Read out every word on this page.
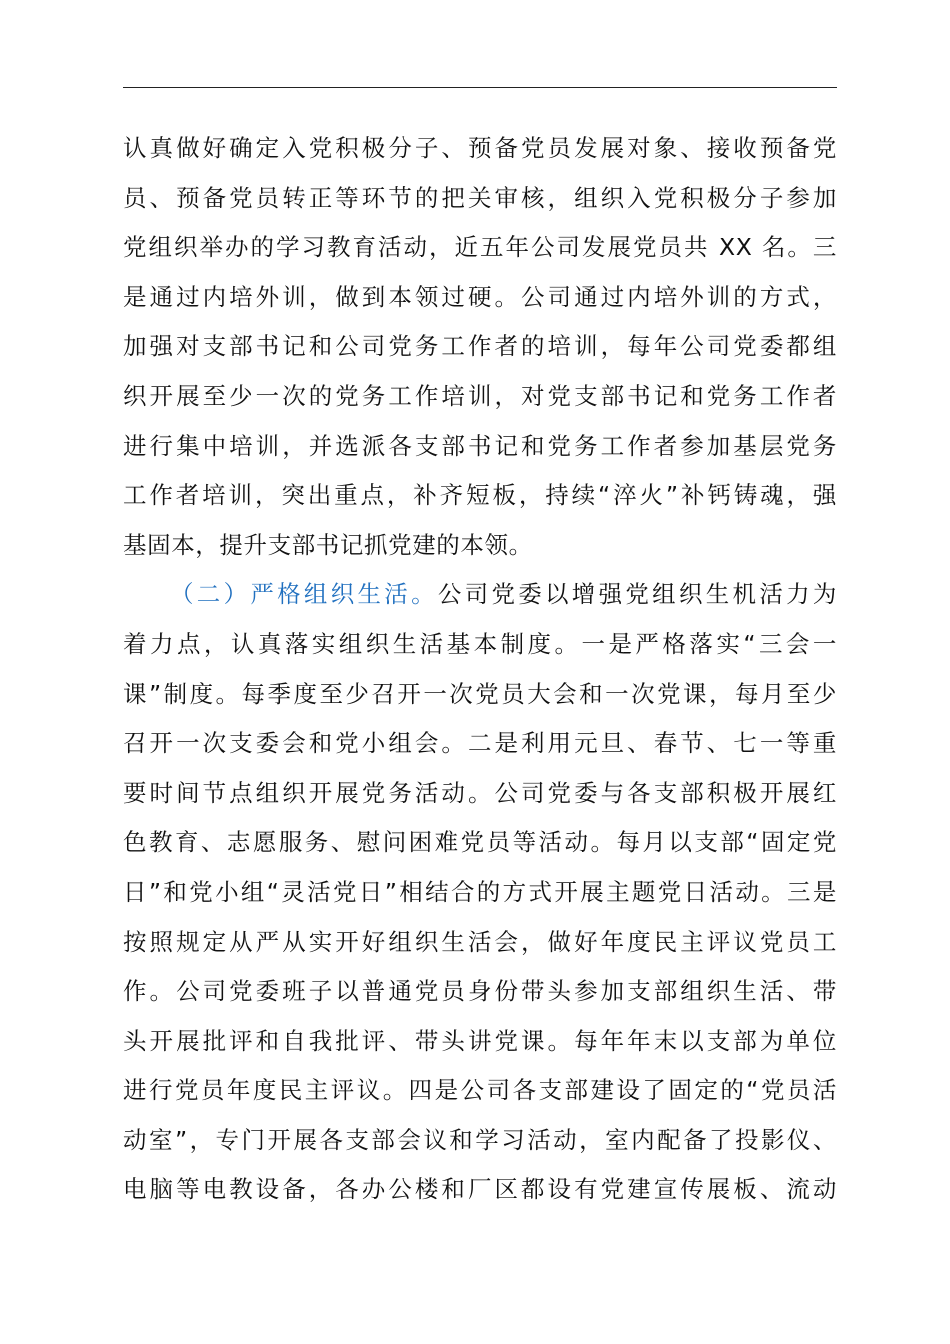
认真做好确定入党积极分子、预备党员发展对象、接收预备党
员、预备党员转正等环节的把关审核，组织入党积极分子参加
党组织举办的学习教育活动，近五年公司发展党员共 XX 名。三
是通过内培外训，做到本领过硬。公司通过内培外训的方式，
加强对支部书记和公司党务工作者的培训，每年公司党委都组
织开展至少一次的党务工作培训，对党支部书记和党务工作者
进行集中培训，并选派各支部书记和党务工作者参加基层党务
工作者培训，突出重点，补齐短板，持续“淬火”补钙铸魂，强
基固本，提升支部书记抓党建的本领。
（二）严格组织生活。公司党委以增强党组织生机活力为
着力点，认真落实组织生活基本制度。一是严格落实“三会一
课”制度。每季度至少召开一次党员大会和一次党课，每月至少
召开一次支委会和党小组会。二是利用元旦、春节、七一等重
要时间节点组织开展党务活动。公司党委与各支部积极开展红
色教育、志愿服务、慰问困难党员等活动。每月以支部“固定党
日”和党小组“灵活党日”相结合的方式开展主题党日活动。三是
按照规定从严从实开好组织生活会，做好年度民主评议党员工
作。公司党委班子以普通党员身份带头参加支部组织生活、带
头开展批评和自我批评、带头讲党课。每年年末以支部为单位
进行党员年度民主评议。四是公司各支部建设了固定的“党员活
动室”，专门开展各支部会议和学习活动，室内配备了投影仪、
电脑等电教设备，各办公楼和厂区都设有党建宣传展板、流动
